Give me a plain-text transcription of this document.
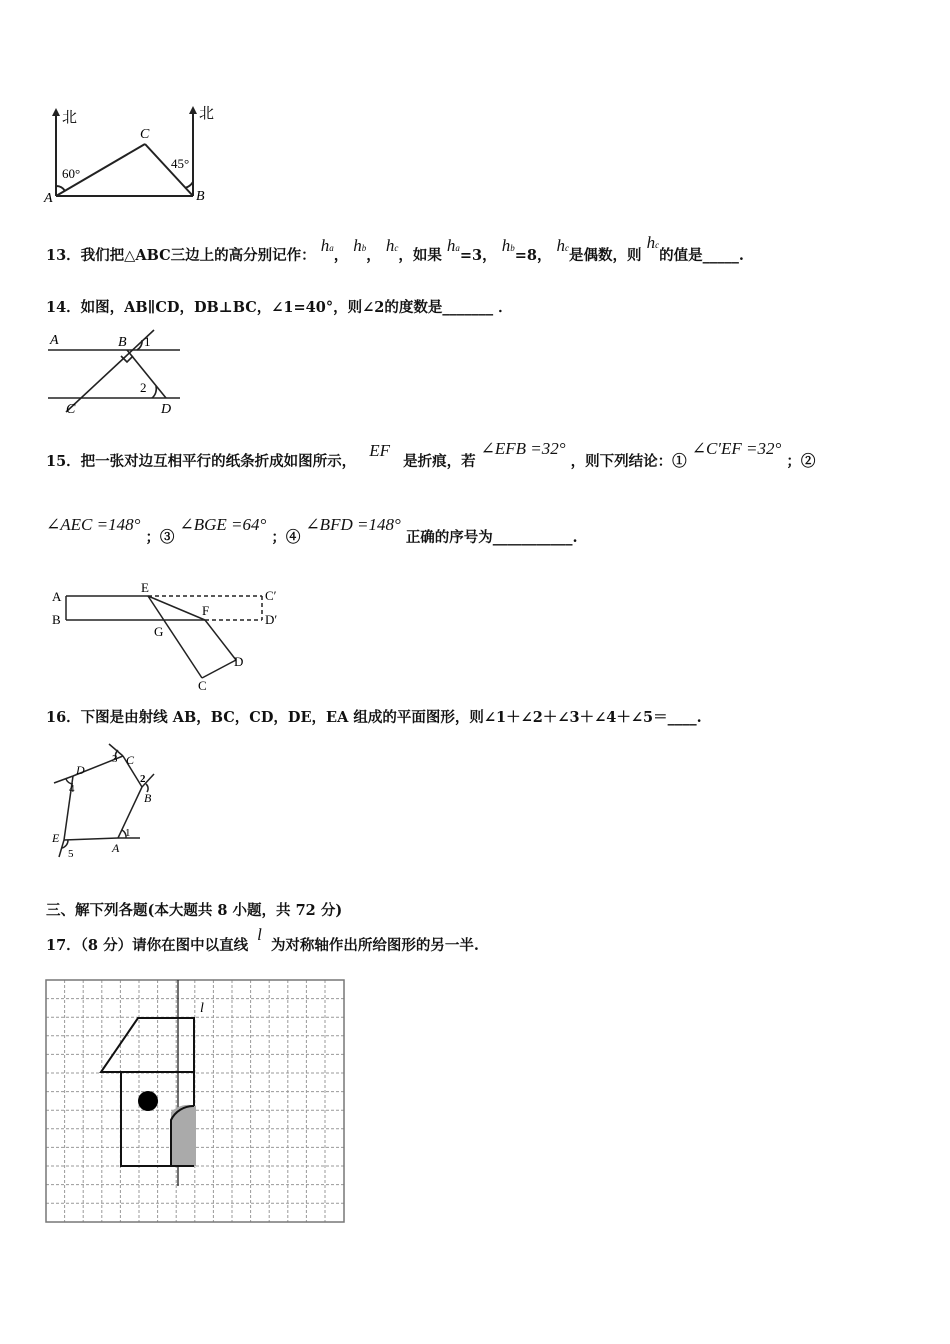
北	北
60°
45°
A	B
C
13．我们把△ABC三边上的高分别记作： ha， hb， hc，如果 ha=3， hb=8， hc是偶数，则 hc的值是_____.
14．如图，AB∥CD，DB⊥BC，∠1=40°，则∠2的度数是_______ ．
A	B 1
2
C	D
15．把一张对边互相平行的纸条折成如图所示， EF 是折痕，若 ∠EFB =32° ，则下列结论：① ∠C′EF =32° ；②
∠AEC =148° ；③ ∠BGE =64° ；④ ∠BFD =148° 正确的序号为___________.
A
B
E
F
G
D
C
C′
D′
16．下图是由射线 AB，BC，CD，DE，EA 组成的平面图形，则∠1＋∠2＋∠3＋∠4＋∠5＝____.
A
B
C
D
E	1
2
3
4
5
三、解下列各题(本大题共 8 小题，共 72 分)
17．（8 分）请你在图中以直线 l 为对称轴作出所给图形的另一半.
l
